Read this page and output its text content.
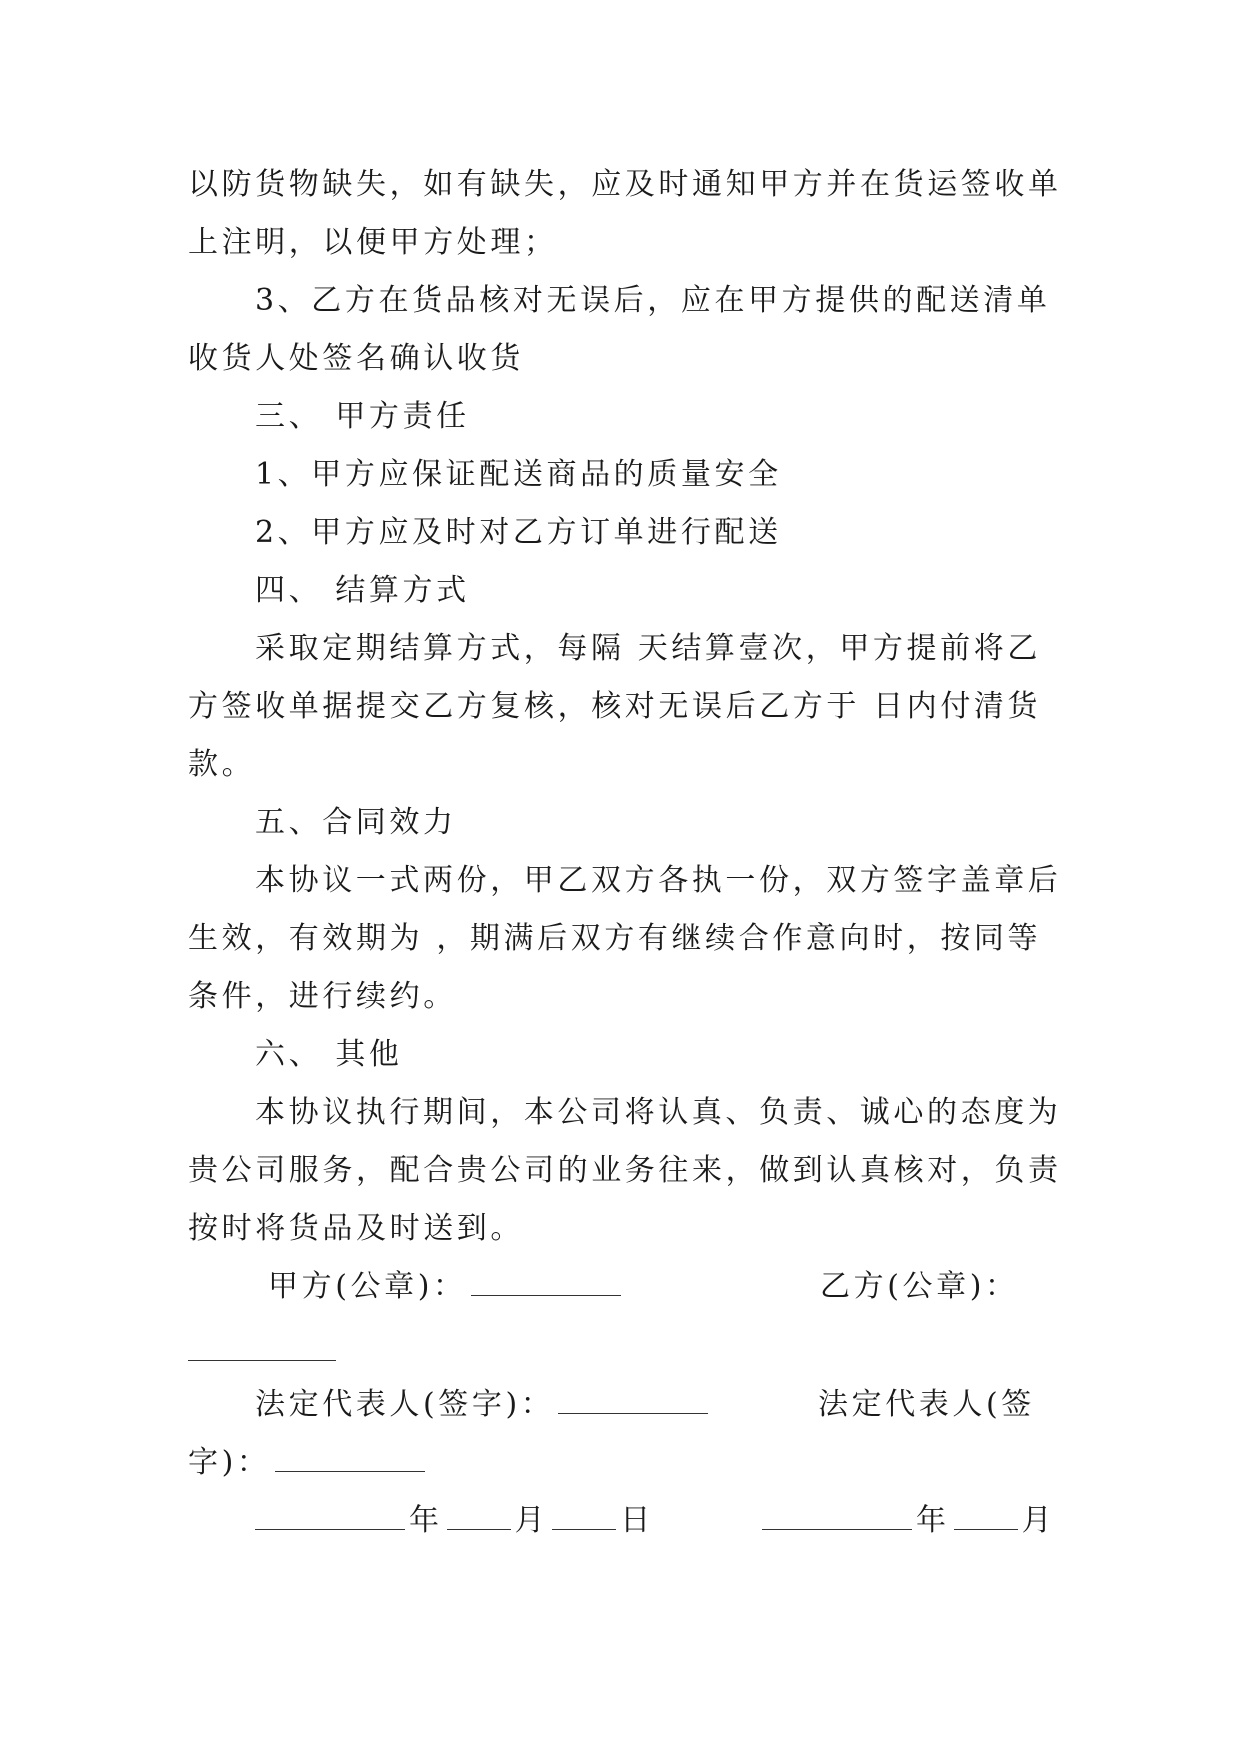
以防货物缺失，如有缺失，应及时通知甲方并在货运签收单

上注明，以便甲方处理；

3、乙方在货品核对无误后，应在甲方提供的配送清单

收货人处签名确认收货

三、 甲方责任

1、甲方应保证配送商品的质量安全

2、甲方应及时对乙方订单进行配送

四、 结算方式

采取定期结算方式，每隔 天结算壹次，甲方提前将乙

方签收单据提交乙方复核，核对无误后乙方于 日内付清货

款。

五、合同效力

本协议一式两份，甲乙双方各执一份，双方签字盖章后

生效，有效期为 ，期满后双方有继续合作意向时，按同等

条件，进行续约。

六、 其他

本协议执行期间，本公司将认真、负责、诚心的态度为

贵公司服务，配合贵公司的业务往来，做到认真核对，负责

按时将货品及时送到。

甲方(公章)：	乙方(公章)：
法定代表人(签字)：	法定代表人(签
字)：
年 月 日	年 月
